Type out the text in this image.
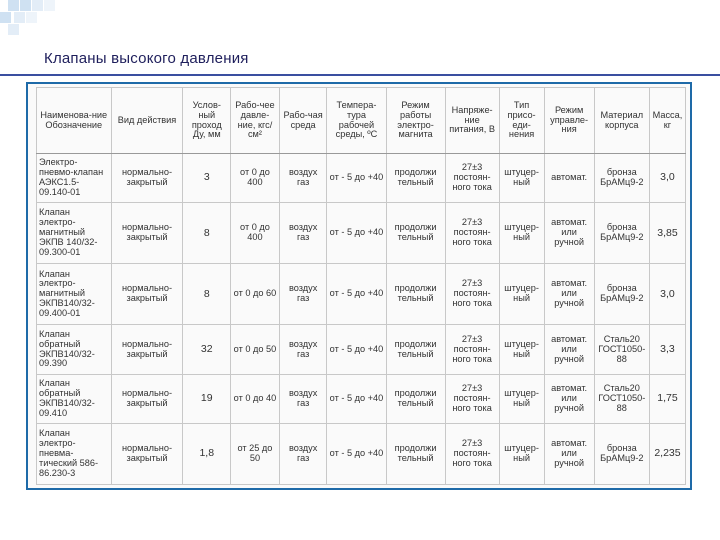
Клапаны высокого давления
Наименова-ние Обозначение	Вид действия	Услов-ный проход Ду, мм	Рабо-чее давле-ние, кгс/см²	Рабо-чая среда	Темпера-тура рабочей среды, ºС	Режим работы электро-магнита	Напряже-ние питания, В	Тип присо-еди-нения	Режим управле-ния	Материал корпуса	Масса, кг
Электро-пневмо-клапан АЭКС1.5-09.140-01	нормально-закрытый	3	от 0 до 400	воздух газ	от - 5 до +40	продолжи тельный	27±3 постоян-ного тока	штуцер-ный	автомат.	бронза БрАМц9-2	3,0
Клапан электро-магнитный ЭКПВ 140/32-09.300-01	нормально-закрытый	8	от 0 до 400	воздух газ	от - 5 до +40	продолжи тельный	27±3 постоян-ного тока	штуцер-ный	автомат. или ручной	бронза БрАМц9-2	3,85
Клапан электро-магнитный ЭКПВ140/32-09.400-01	нормально-закрытый	8	от 0 до 60	воздух газ	от - 5 до +40	продолжи тельный	27±3 постоян-ного тока	штуцер-ный	автомат. или ручной	бронза БрАМц9-2	3,0
Клапан обратный ЭКПВ140/32-09.390	нормально-закрытый	32	от 0 до 50	воздух газ	от - 5 до +40	продолжи тельный	27±3 постоян-ного тока	штуцер-ный	автомат. или ручной	Сталь20 ГОСТ1050-88	3,3
Клапан обратный ЭКПВ140/32-09.410	нормально-закрытый	19	от 0 до 40	воздух газ	от - 5 до +40	продолжи тельный	27±3 постоян-ного тока	штуцер-ный	автомат. или ручной	Сталь20 ГОСТ1050-88	1,75
Клапан электро-пневма-тический 586-86.230-3	нормально-закрытый	1,8	от 25 до 50	воздух газ	от - 5 до +40	продолжи тельный	27±3 постоян-ного тока	штуцер-ный	автомат. или ручной	бронза БрАМц9-2	2,235
